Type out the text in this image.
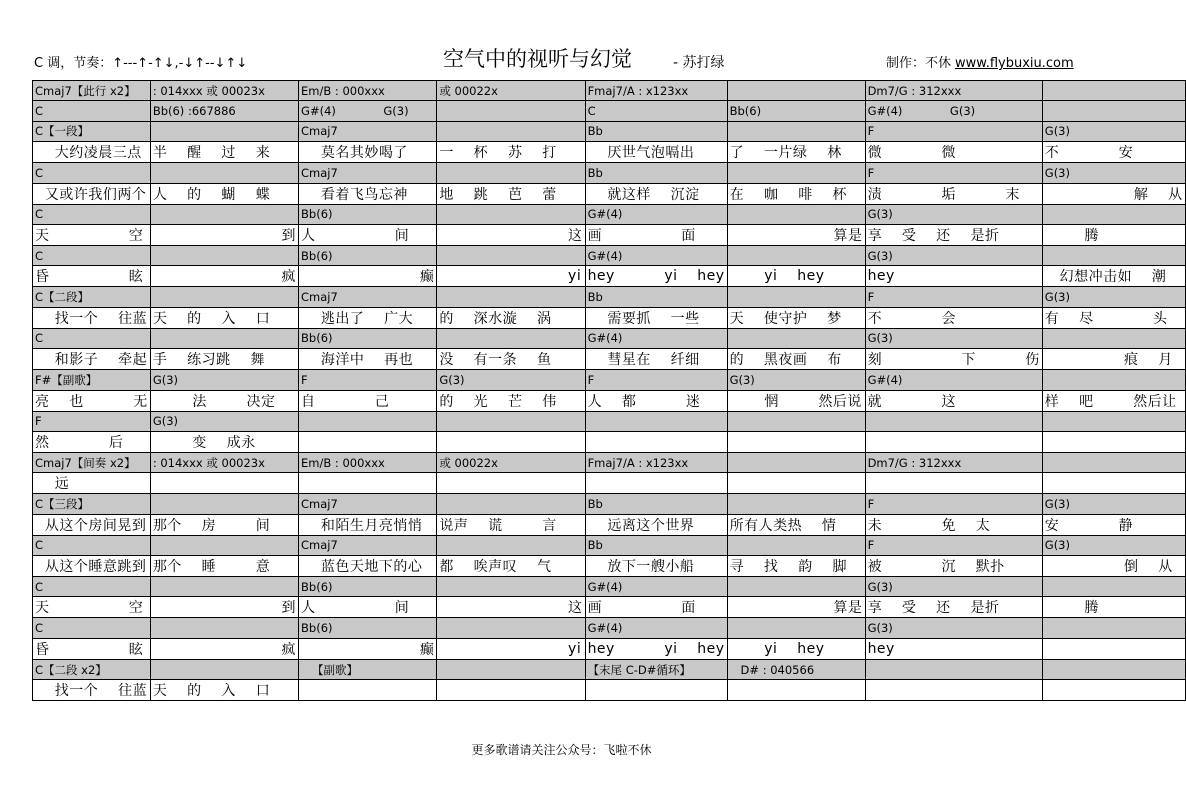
C 调，节奏：↑---↑-↑↓,-↓↑--↓↑↓	空气中的视听与幻觉	- 苏打绿	制作：不休 www.flybuxiu.com
Cmaj7【此行 x2】	: 014xxx 或 00023x	Em/B : 000xxx	或 00022x	Fmaj7/A : x123xx		Dm7/G : 312xxx	
C	Bb(6) :667886	G#(4)             G(3)		C	Bb(6)	G#(4)             G(3)	
C【一段】		Cmaj7		Bb		F	G(3)
大约凌晨三点	半    醒    过    来	莫名其妙喝了	一    杯    苏    打	厌世气泡嗝出	了    一片绿    林	微            微	不            安
C		Cmaj7		Bb		F	G(3)
又或许我们两个	人    的    蝴    蝶	看着飞鸟忘神	地    跳    芭    蕾	就这样    沉淀	在    咖    啡    杯	渍            垢          末	解    从
C		Bb(6)		G#(4)		G(3)	
天                空	到	人                间	这	画                面	算是	享    受    还    是折	腾
C		Bb(6)		G#(4)		G(3)	
昏                眩	疯	癫	yi	hey          yi    hey	yi    hey	hey	幻想冲击如    潮
C【二段】		Cmaj7		Bb		F	G(3)
找一个    往蓝	天    的    入    口	逃出了    广大	的    深水漩    涡	需要抓    一些	天    使守护    梦	不            会	有    尽            头
C		Bb(6)		G#(4)		G(3)	
和影子    牵起	手    练习跳    舞	海洋中    再也	没    有一条    鱼	彗星在    纤细	的    黑夜画    布	刻                下          伤	痕    月
F#【副歌】	G(3)	F	G(3)	F	G(3)	G#(4)	
亮    也          无	法        决定	自            己	的    光    芒    伟	人    都          迷	惘        然后说	就            这	样    吧        然后让
F	G(3)						
然            后	变    成永						
Cmaj7【间奏 x2】	: 014xxx 或 00023x	Em/B : 000xxx	或 00022x	Fmaj7/A : x123xx		Dm7/G : 312xxx	
远							
C【三段】		Cmaj7		Bb		F	G(3)
从这个房间晃到	那个    房        间	和陌生月亮悄悄	说声    谎        言	远离这个世界	所有人类热    情	未            免    太	安            静
C		Cmaj7		Bb		F	G(3)
从这个睡意跳到	那个    睡        意	蓝色天地下的心	都    唉声叹    气	放下一艘小船	寻    找    韵    脚	被            沉    默扑	倒    从
C		Bb(6)		G#(4)		G(3)	
天                空	到	人                间	这	画                面	算是	享    受    还    是折	腾
C		Bb(6)		G#(4)		G(3)	
昏                眩	疯	癫	yi	hey          yi    hey	yi    hey	hey	
C【二段 x2】		【副歌】		【末尾 C-D#循环】	D# : 040566		
找一个    往蓝	天    的    入    口						
更多歌谱请关注公众号：飞啦不休
